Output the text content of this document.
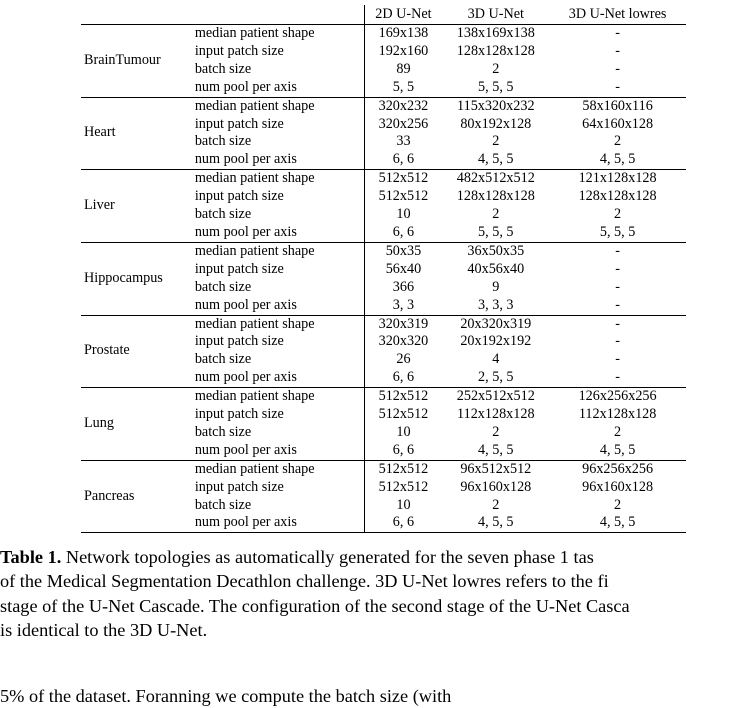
		2D U-Net	3D U-Net	3D U-Net lowres
BrainTumour	median patient shape	169x138	138x169x138	-
	input patch size	192x160	128x128x128	-
	batch size	89	2	-
	num pool per axis	5, 5	5, 5, 5	-
Heart	median patient shape	320x232	115x320x232	58x160x116
	input patch size	320x256	80x192x128	64x160x128
	batch size	33	2	2
	num pool per axis	6, 6	4, 5, 5	4, 5, 5
Liver	median patient shape	512x512	482x512x512	121x128x128
	input patch size	512x512	128x128x128	128x128x128
	batch size	10	2	2
	num pool per axis	6, 6	5, 5, 5	5, 5, 5
Hippocampus	median patient shape	50x35	36x50x35	-
	input patch size	56x40	40x56x40	-
	batch size	366	9	-
	num pool per axis	3, 3	3, 3, 3	-
Prostate	median patient shape	320x319	20x320x319	-
	input patch size	320x320	20x192x192	-
	batch size	26	4	-
	num pool per axis	6, 6	2, 5, 5	-
Lung	median patient shape	512x512	252x512x512	126x256x256
	input patch size	512x512	112x128x128	112x128x128
	batch size	10	2	2
	num pool per axis	6, 6	4, 5, 5	4, 5, 5
Pancreas	median patient shape	512x512	96x512x512	96x256x256
	input patch size	512x512	96x160x128	96x160x128
	batch size	10	2	2
	num pool per axis	6, 6	4, 5, 5	4, 5, 5
Table 1. Network topologies as automatically generated for the seven phase 1 tas
of the Medical Segmentation Decathlon challenge. 3D U-Net lowres refers to the fi
stage of the U-Net Cascade. The configuration of the second stage of the U-Net Casca
is identical to the 3D U-Net.
5% of the dataset. Foranning we compute the batch size (with
